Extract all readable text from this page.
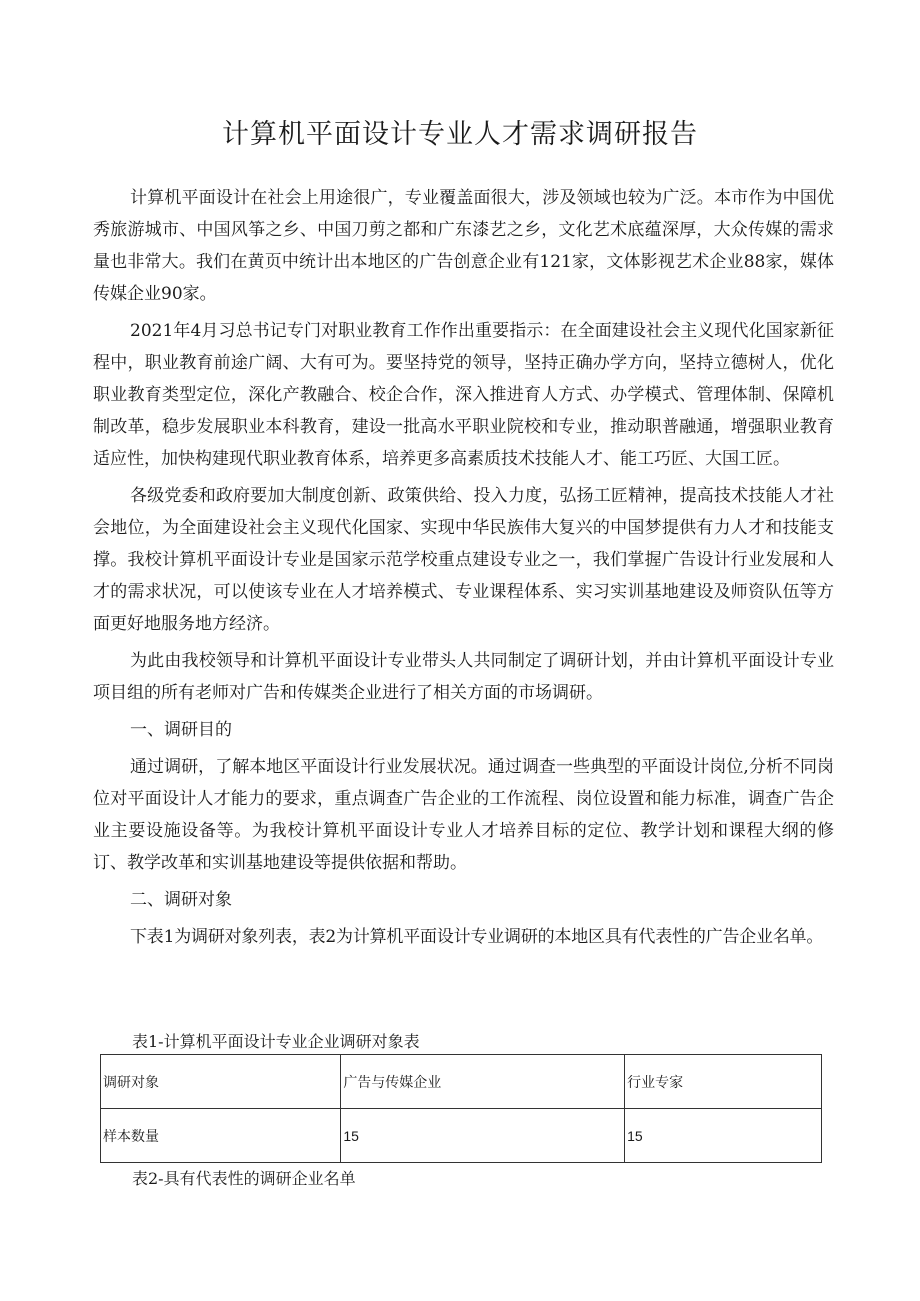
计算机平面设计专业人才需求调研报告

计算机平面设计在社会上用途很广，专业覆盖面很大，涉及领域也较为广泛。本市作为中国优秀旅游城市、中国风筝之乡、中国刀剪之都和广东漆艺之乡，文化艺术底蕴深厚，大众传媒的需求量也非常大。我们在黄页中统计出本地区的广告创意企业有121家，文体影视艺术企业88家，媒体传媒企业90家。

2021年4月习总书记专门对职业教育工作作出重要指示：在全面建设社会主义现代化国家新征程中，职业教育前途广阔、大有可为。要坚持党的领导，坚持正确办学方向，坚持立德树人，优化职业教育类型定位，深化产教融合、校企合作，深入推进育人方式、办学模式、管理体制、保障机制改革，稳步发展职业本科教育，建设一批高水平职业院校和专业，推动职普融通，增强职业教育适应性，加快构建现代职业教育体系，培养更多高素质技术技能人才、能工巧匠、大国工匠。

各级党委和政府要加大制度创新、政策供给、投入力度，弘扬工匠精神，提高技术技能人才社会地位，为全面建设社会主义现代化国家、实现中华民族伟大复兴的中国梦提供有力人才和技能支撑。我校计算机平面设计专业是国家示范学校重点建设专业之一，我们掌握广告设计行业发展和人才的需求状况，可以使该专业在人才培养模式、专业课程体系、实习实训基地建设及师资队伍等方面更好地服务地方经济。

为此由我校领导和计算机平面设计专业带头人共同制定了调研计划，并由计算机平面设计专业项目组的所有老师对广告和传媒类企业进行了相关方面的市场调研。

一、调研目的

通过调研，了解本地区平面设计行业发展状况。通过调查一些典型的平面设计岗位,分析不同岗位对平面设计人才能力的要求，重点调查广告企业的工作流程、岗位设置和能力标准，调查广告企业主要设施设备等。为我校计算机平面设计专业人才培养目标的定位、教学计划和课程大纲的修订、教学改革和实训基地建设等提供依据和帮助。

二、调研对象

下表1为调研对象列表，表2为计算机平面设计专业调研的本地区具有代表性的广告企业名单。

表1-计算机平面设计专业企业调研对象表
调研对象	广告与传媒企业	行业专家
样本数量	15	15
表2-具有代表性的调研企业名单
